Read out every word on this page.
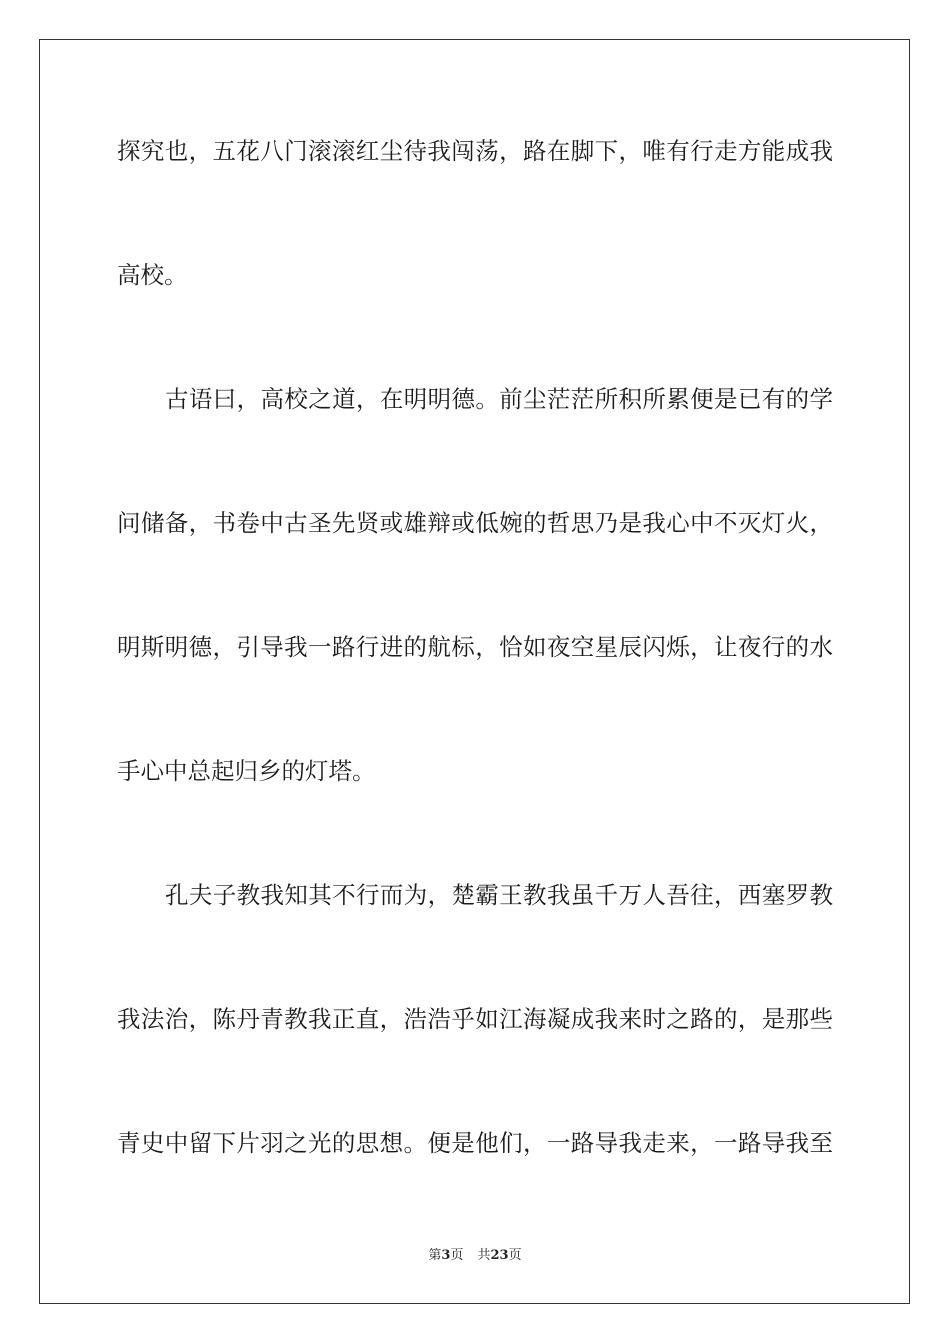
探究也，五花八门滚滚红尘待我闯荡，路在脚下，唯有行走方能成我

高校。

古语曰，高校之道，在明明德。前尘茫茫所积所累便是已有的学

问储备，书卷中古圣先贤或雄辩或低婉的哲思乃是我心中不灭灯火，

明斯明德，引导我一路行进的航标，恰如夜空星辰闪烁，让夜行的水

手心中总起归乡的灯塔。

孔夫子教我知其不行而为，楚霸王教我虽千万人吾往，西塞罗教

我法治，陈丹青教我正直，浩浩乎如江海凝成我来时之路的，是那些

青史中留下片羽之光的思想。便是他们，一路导我走来，一路导我至

第3页 共23页
